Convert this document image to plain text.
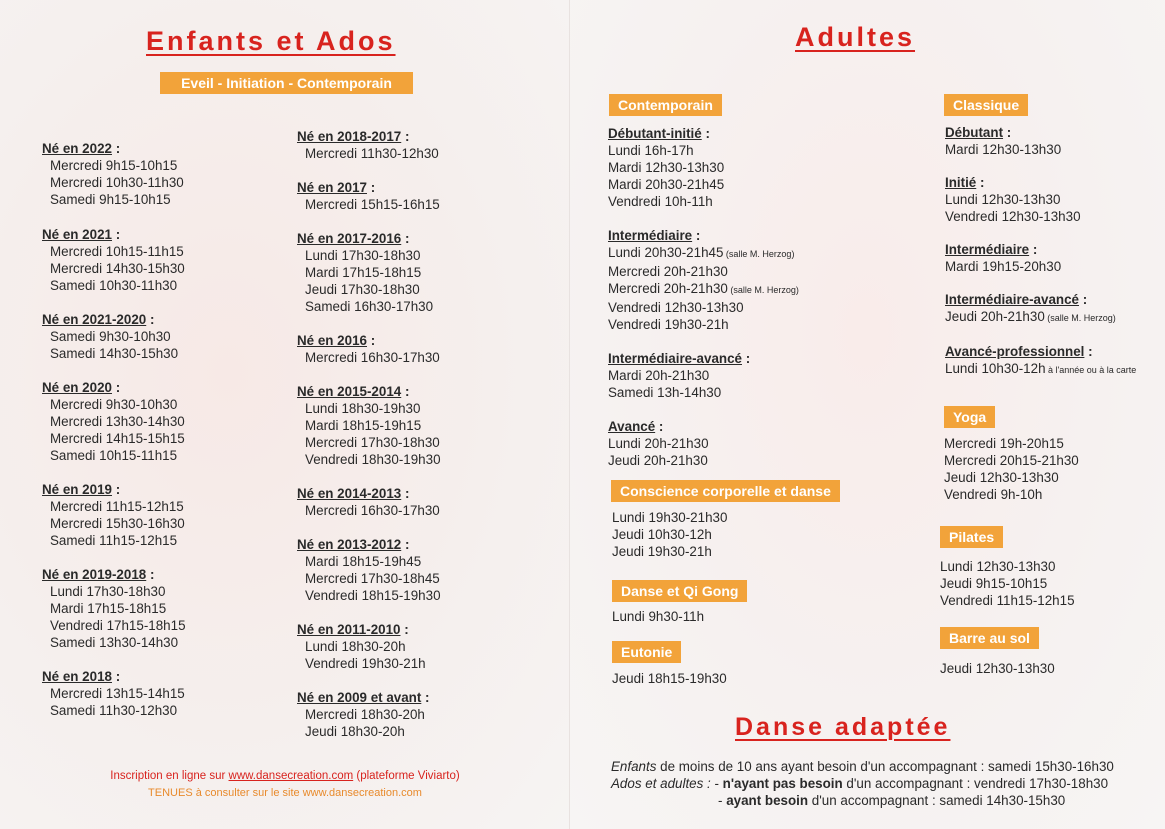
Enfants et Ados
Eveil - Initiation - Contemporain
Né en 2022 :
Mercredi 9h15-10h15
Mercredi 10h30-11h30
Samedi 9h15-10h15
Né en 2021 :
Mercredi 10h15-11h15
Mercredi 14h30-15h30
Samedi 10h30-11h30
Né en 2021-2020 :
Samedi 9h30-10h30
Samedi 14h30-15h30
Né en 2020 :
Mercredi 9h30-10h30
Mercredi 13h30-14h30
Mercredi 14h15-15h15
Samedi 10h15-11h15
Né en 2019 :
Mercredi 11h15-12h15
Mercredi 15h30-16h30
Samedi 11h15-12h15
Né en 2019-2018 :
Lundi 17h30-18h30
Mardi 17h15-18h15
Vendredi 17h15-18h15
Samedi 13h30-14h30
Né en 2018 :
Mercredi 13h15-14h15
Samedi 11h30-12h30
Né en 2018-2017 :
Mercredi 11h30-12h30
Né en 2017 :
Mercredi 15h15-16h15
Né en 2017-2016 :
Lundi 17h30-18h30
Mardi 17h15-18h15
Jeudi 17h30-18h30
Samedi 16h30-17h30
Né en 2016 :
Mercredi 16h30-17h30
Né en 2015-2014 :
Lundi 18h30-19h30
Mardi 18h15-19h15
Mercredi 17h30-18h30
Vendredi 18h30-19h30
Né en 2014-2013 :
Mercredi 16h30-17h30
Né en 2013-2012 :
Mardi 18h15-19h45
Mercredi 17h30-18h45
Vendredi 18h15-19h30
Né en 2011-2010 :
Lundi 18h30-20h
Vendredi 19h30-21h
Né en 2009 et avant :
Mercredi 18h30-20h
Jeudi 18h30-20h
Inscription en ligne sur www.dansecreation.com (plateforme Viviarto)
TENUES à consulter sur le site www.dansecreation.com
Adultes
Contemporain
Débutant-initié :
Lundi 16h-17h
Mardi 12h30-13h30
Mardi 20h30-21h45
Vendredi 10h-11h
Intermédiaire :
Lundi 20h30-21h45 (salle M. Herzog)
Mercredi 20h-21h30
Mercredi 20h-21h30 (salle M. Herzog)
Vendredi 12h30-13h30
Vendredi 19h30-21h
Intermédiaire-avancé :
Mardi 20h-21h30
Samedi 13h-14h30
Avancé :
Lundi 20h-21h30
Jeudi 20h-21h30
Classique
Débutant :
Mardi 12h30-13h30
Initié :
Lundi 12h30-13h30
Vendredi 12h30-13h30
Intermédiaire :
Mardi 19h15-20h30
Intermédiaire-avancé :
Jeudi 20h-21h30 (salle M. Herzog)
Avancé-professionnel :
Lundi 10h30-12h à l'année ou à la carte
Conscience corporelle et danse
Lundi 19h30-21h30
Jeudi 10h30-12h
Jeudi 19h30-21h
Danse et Qi Gong
Lundi 9h30-11h
Eutonie
Jeudi 18h15-19h30
Yoga
Mercredi 19h-20h15
Mercredi 20h15-21h30
Jeudi 12h30-13h30
Vendredi 9h-10h
Pilates
Lundi 12h30-13h30
Jeudi 9h15-10h15
Vendredi 11h15-12h15
Barre au sol
Jeudi 12h30-13h30
Danse adaptée
Enfants de moins de 10 ans ayant besoin d'un accompagnant : samedi 15h30-16h30
Ados et adultes : - n'ayant pas besoin d'un accompagnant : vendredi 17h30-18h30
- ayant besoin d'un accompagnant : samedi 14h30-15h30
